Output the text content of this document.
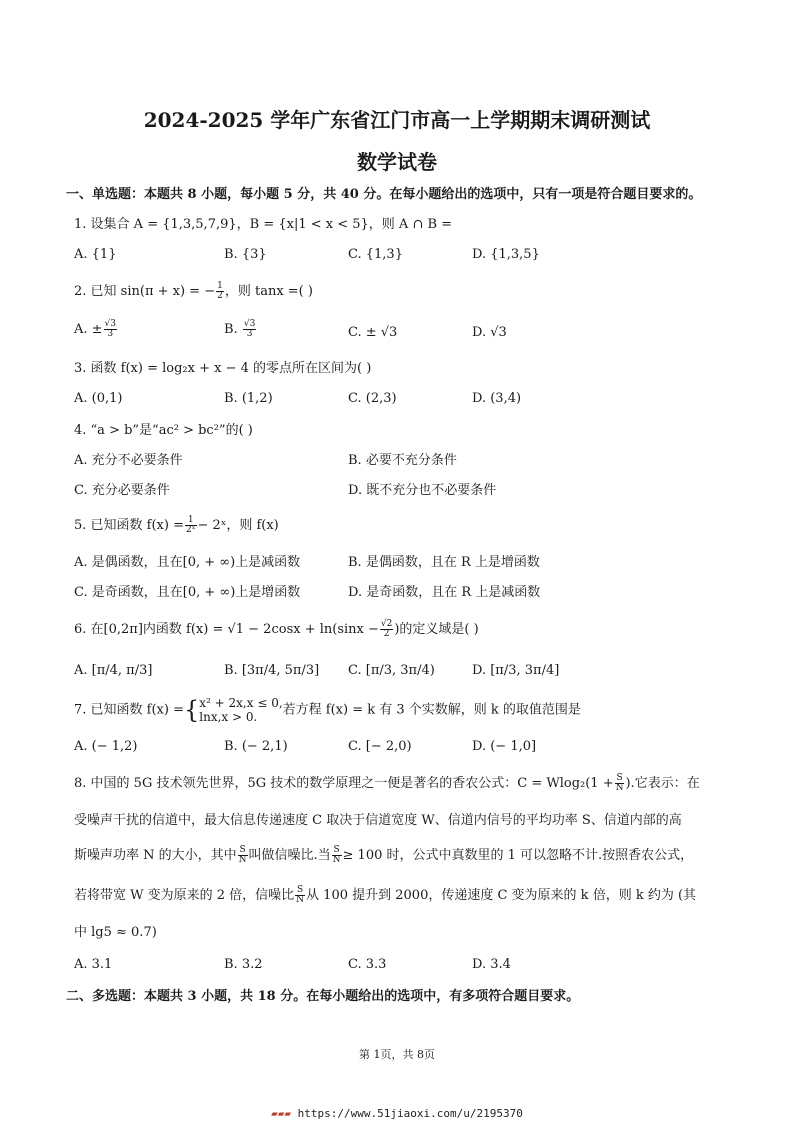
2024-2025 学年广东省江门市高一上学期期末调研测试
数学试卷
一、单选题：本题共 8 小题，每小题 5 分，共 40 分。在每小题给出的选项中，只有一项是符合题目要求的。
1. 设集合 A = {1,3,5,7,9}，B = {x|1 < x < 5}，则 A ∩ B =
A. {1}	B. {3}	C. {1,3}	D. {1,3,5}
2. 已知 sin(π + x) = − $\frac{1}{2}$ ，则 tanx =( )
A. ± $\frac{√3}{3}$	B. $\frac{√3}{3}$	C. ± √3	D. √3
3. 函数 f(x) = log₂x + x − 4 的零点所在区间为( )
A. (0,1)	B. (1,2)	C. (2,3)	D. (3,4)
4. “a > b”是“ac² > bc²”的( )
A. 充分不必要条件	B. 必要不充分条件
C. 充分必要条件	D. 既不充分也不必要条件
5. 已知函数 $f(x) = \frac{1}{\text{2ˣ}}$ − 2ˣ，则 f(x)
A. 是偶函数，且在[0, + ∞)上是减函数	B. 是偶函数，且在 R 上是增函数
C. 是奇函数，且在[0, + ∞)上是增函数	D. 是奇函数，且在 R 上是减函数
6. 在[0,2π]内函数 $f(x) = √1 - 2\cos x + \ln(\sin x - \frac{√2}{2}$ )的定义域是( )
A. [π/4, π/3]	B. [3π/4, 5π/3] C. [π/3, 3π/4)	D. [π/3, 3π/4]
7. 已知函数 f(x) ={ x² + 2x,x ≤ 0,
lnx,x > 0.	若方程 f(x) = k 有 3 个实数解，则 k 的取值范围是
A. (− 1,2)	B. (− 2,1)	C. [− 2,0)	D. (− 1,0]
8. 中国的 5G 技术领先世界，5G 技术的数学原理之一便是著名的香农公式：$C = Wlog_2(1 + \frac{S}{N}$ ).它表示：在
受噪声干扰的信道中，最大信息传递速度 C 取决于信道宽度 W、信道内信号的平均功率 S、信道内部的高
斯噪声功率 N 的大小，其中 $\frac{S}{N}$ 叫做信噪比.当 $\frac{S}{N} \ge 100$ 时，公式中真数里的 1 可以忽略不计.按照香农公式，
若将带宽 W 变为原来的 2 倍，信噪比 $\frac{S}{N}$ 从 100 提升到 2000，传递速度 C 变为原来的 k 倍，则 k 约为 (其
中 lg5 ≈ 0.7)
A. 3.1	B. 3.2	C. 3.3	D. 3.4
二、多选题：本题共 3 小题，共 18 分。在每小题给出的选项中，有多项符合题目要求。
第 1页，共 8页
▰▰▰ https://www.51jiaoxi.com/u/2195370
